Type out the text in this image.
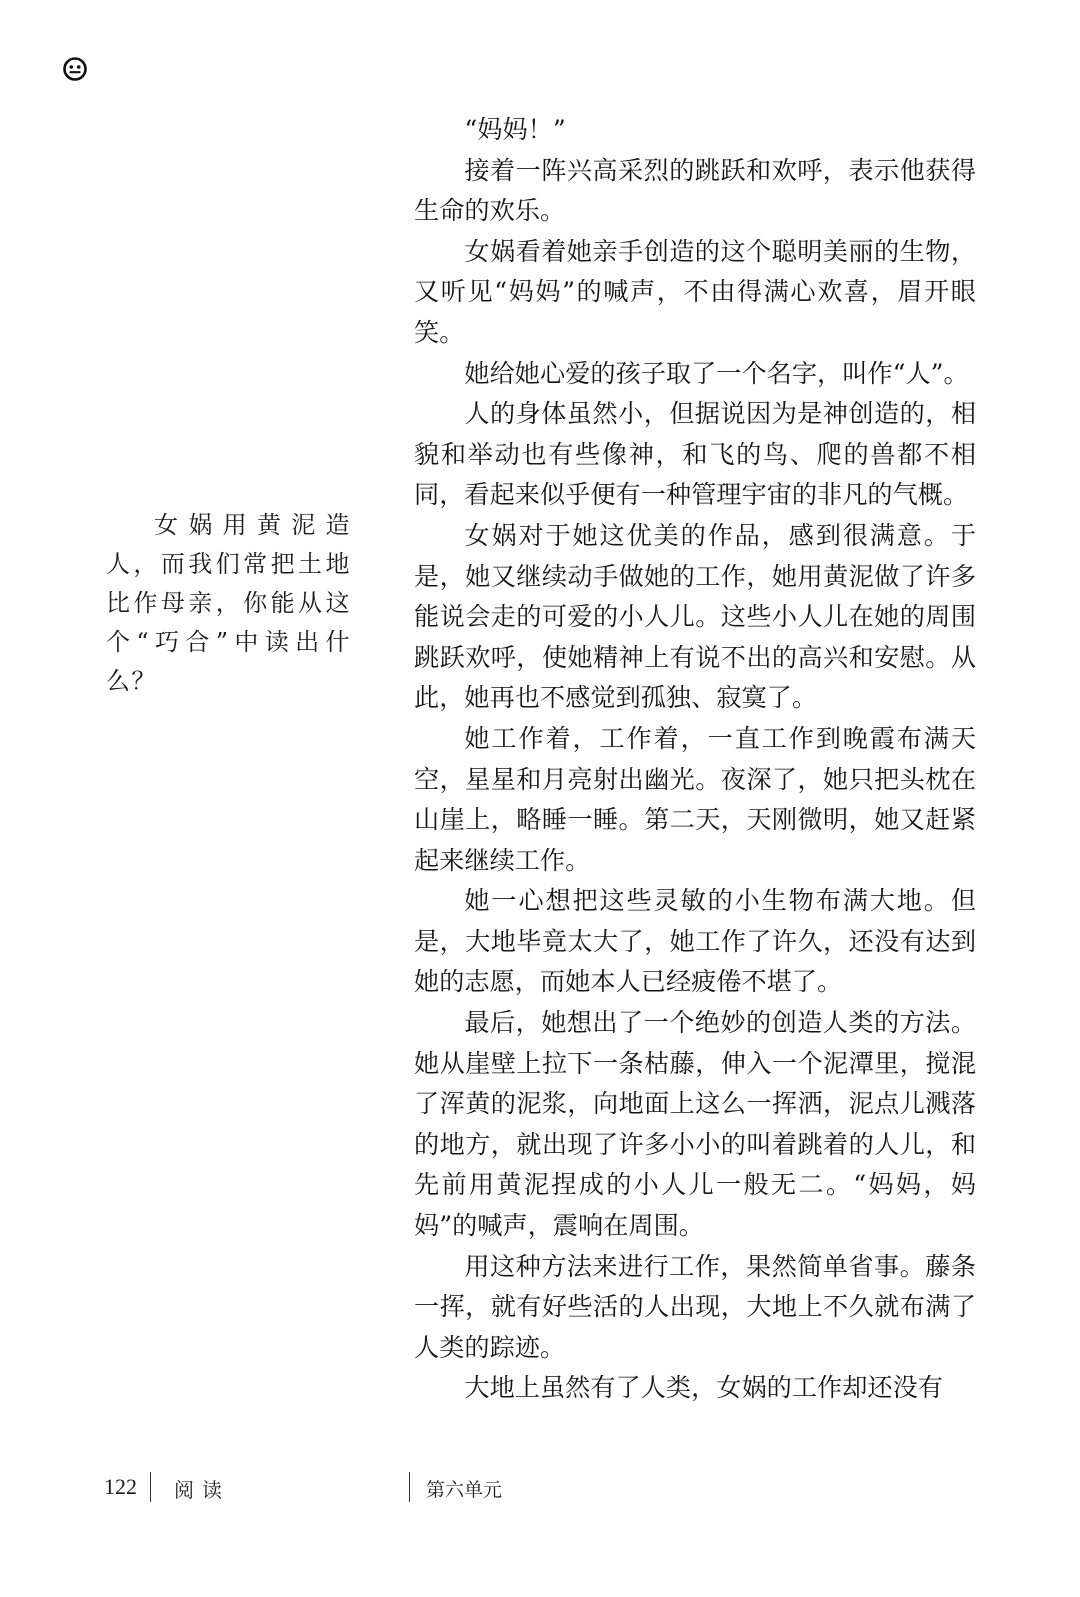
女娲用黄泥造人，而我们常把土地比作母亲，你能从这个“巧合”中读出什么？

“妈妈！”

接着一阵兴高采烈的跳跃和欢呼，表示他获得生命的欢乐。

女娲看着她亲手创造的这个聪明美丽的生物，又听见“妈妈”的喊声，不由得满心欢喜，眉开眼笑。

她给她心爱的孩子取了一个名字，叫作“人”。

人的身体虽然小，但据说因为是神创造的，相貌和举动也有些像神，和飞的鸟、爬的兽都不相同，看起来似乎便有一种管理宇宙的非凡的气概。

女娲对于她这优美的作品，感到很满意。于是，她又继续动手做她的工作，她用黄泥做了许多能说会走的可爱的小人儿。这些小人儿在她的周围跳跃欢呼，使她精神上有说不出的高兴和安慰。从此，她再也不感觉到孤独、寂寞了。

她工作着，工作着，一直工作到晚霞布满天空，星星和月亮射出幽光。夜深了，她只把头枕在山崖上，略睡一睡。第二天，天刚微明，她又赶紧起来继续工作。

她一心想把这些灵敏的小生物布满大地。但是，大地毕竟太大了，她工作了许久，还没有达到她的志愿，而她本人已经疲倦不堪了。

最后，她想出了一个绝妙的创造人类的方法。她从崖壁上拉下一条枯藤，伸入一个泥潭里，搅混了浑黄的泥浆，向地面上这么一挥洒，泥点儿溅落的地方，就出现了许多小小的叫着跳着的人儿，和先前用黄泥捏成的小人儿一般无二。“妈妈，妈妈”的喊声，震响在周围。

用这种方法来进行工作，果然简单省事。藤条一挥，就有好些活的人出现，大地上不久就布满了人类的踪迹。

大地上虽然有了人类，女娲的工作却还没有

122 阅读	第六单元
